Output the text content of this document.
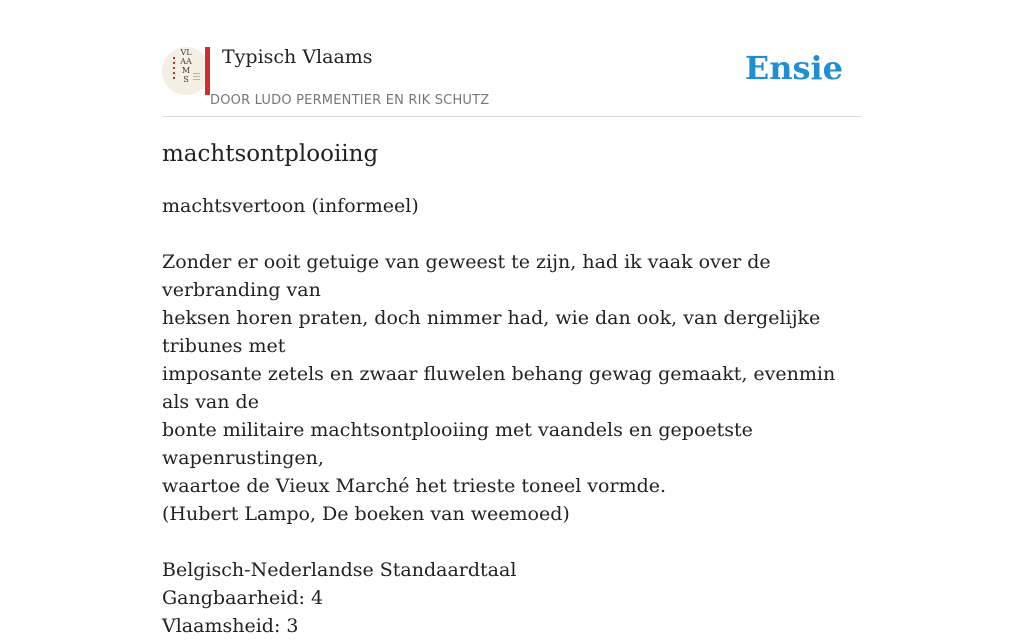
VLAAMS
Typisch Vlaams
DOOR LUDO PERMENTIER EN RIK SCHUTZ
Ensie
machtsontplooiing

machtsvertoon (informeel)

Zonder er ooit getuige van geweest te zijn, had ik vaak over de verbranding van

heksen horen praten, doch nimmer had, wie dan ook, van dergelijke tribunes met

imposante zetels en zwaar fluwelen behang gewag gemaakt, evenmin als van de

bonte militaire machtsontplooiing met vaandels en gepoetste wapenrustingen,

waartoe de Vieux Marché het trieste toneel vormde.

(Hubert Lampo, De boeken van weemoed)

Belgisch-Nederlandse Standaardtaal

Gangbaarheid: 4

Vlaamsheid: 3
